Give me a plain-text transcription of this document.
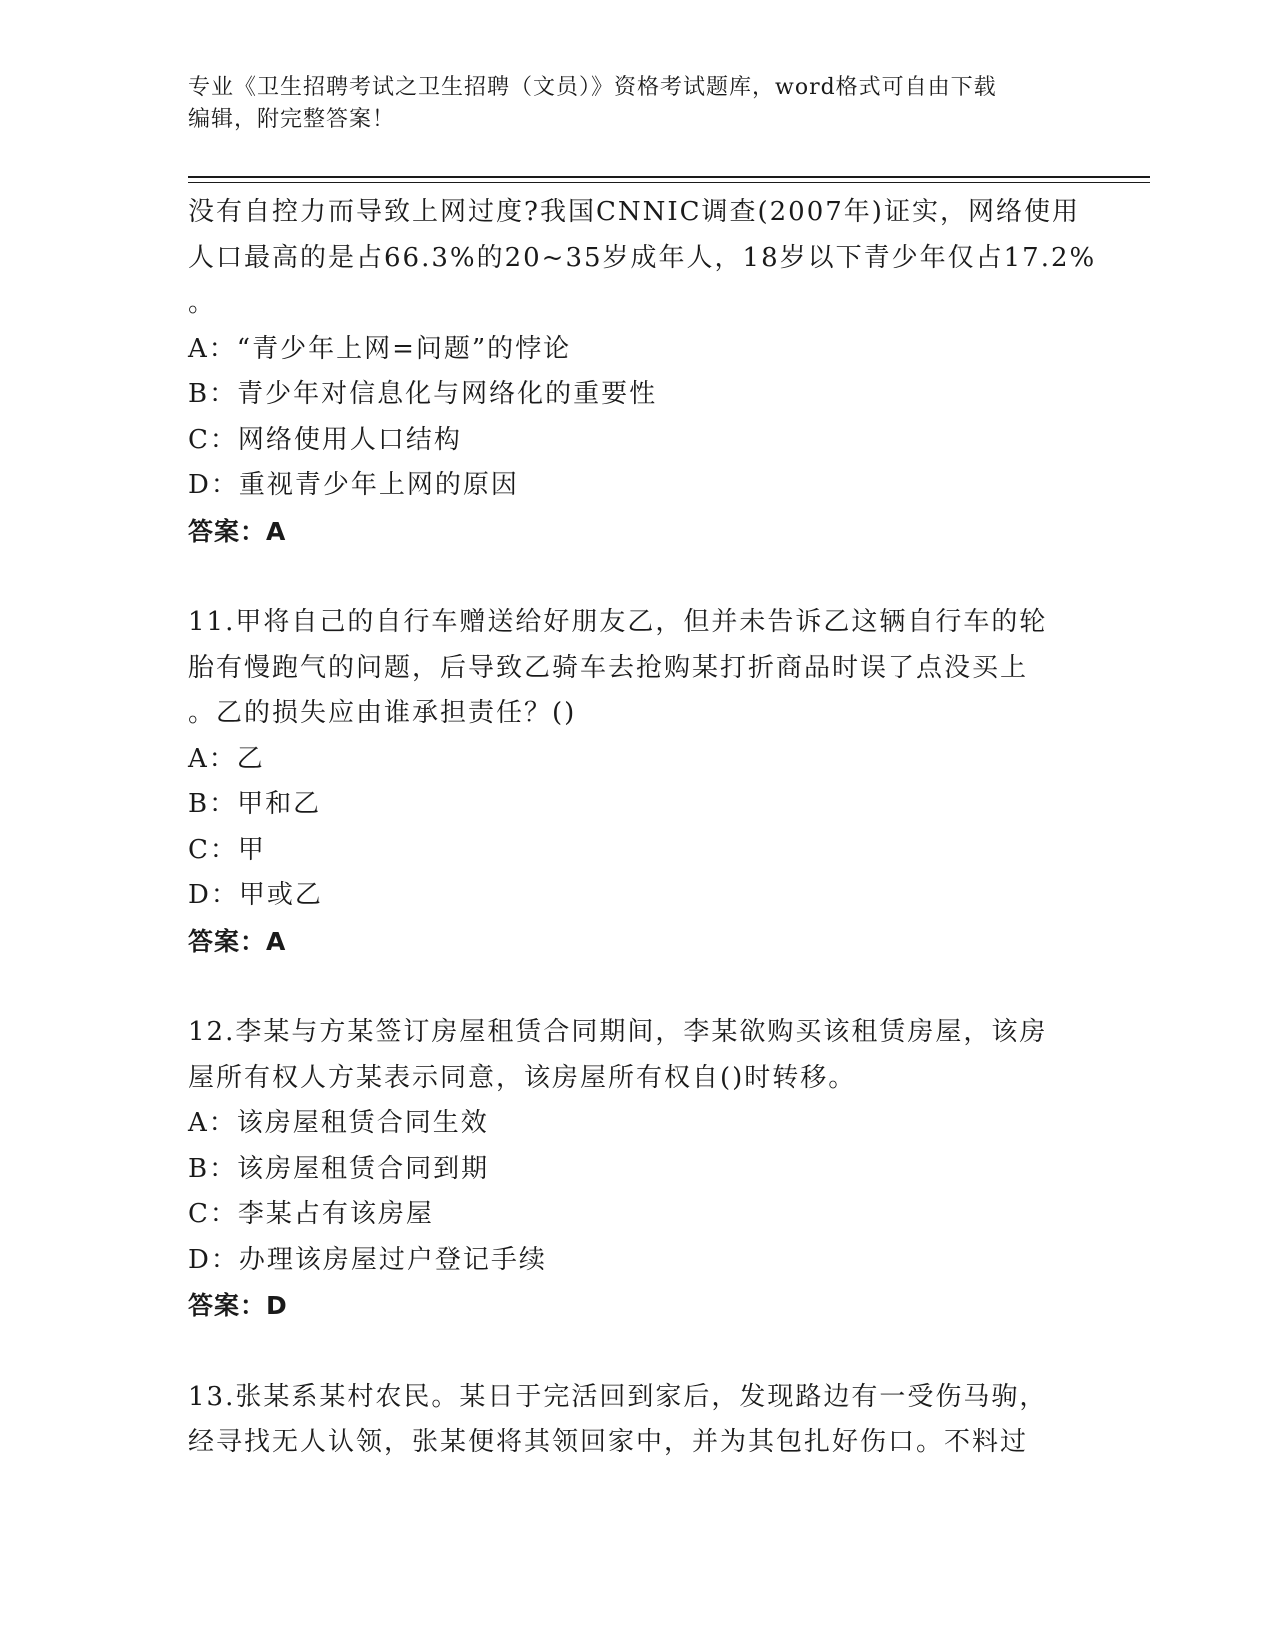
专业《卫生招聘考试之卫生招聘（文员）》资格考试题库，word格式可自由下载
编辑，附完整答案！
没有自控力而导致上网过度?我国CNNIC调查(2007年)证实，网络使用
人口最高的是占66.3%的20~35岁成年人，18岁以下青少年仅占17.2%
。
A：“青少年上网=问题”的悖论
B：青少年对信息化与网络化的重要性
C：网络使用人口结构
D：重视青少年上网的原因
答案：A
11.甲将自己的自行车赠送给好朋友乙，但并未告诉乙这辆自行车的轮
胎有慢跑气的问题，后导致乙骑车去抢购某打折商品时误了点没买上
。乙的损失应由谁承担责任？()
A：乙
B：甲和乙
C：甲
D：甲或乙
答案：A
12.李某与方某签订房屋租赁合同期间，李某欲购买该租赁房屋，该房
屋所有权人方某表示同意，该房屋所有权自()时转移。
A：该房屋租赁合同生效
B：该房屋租赁合同到期
C：李某占有该房屋
D：办理该房屋过户登记手续
答案：D
13.张某系某村农民。某日于完活回到家后，发现路边有一受伤马驹，
经寻找无人认领，张某便将其领回家中，并为其包扎好伤口。不料过
